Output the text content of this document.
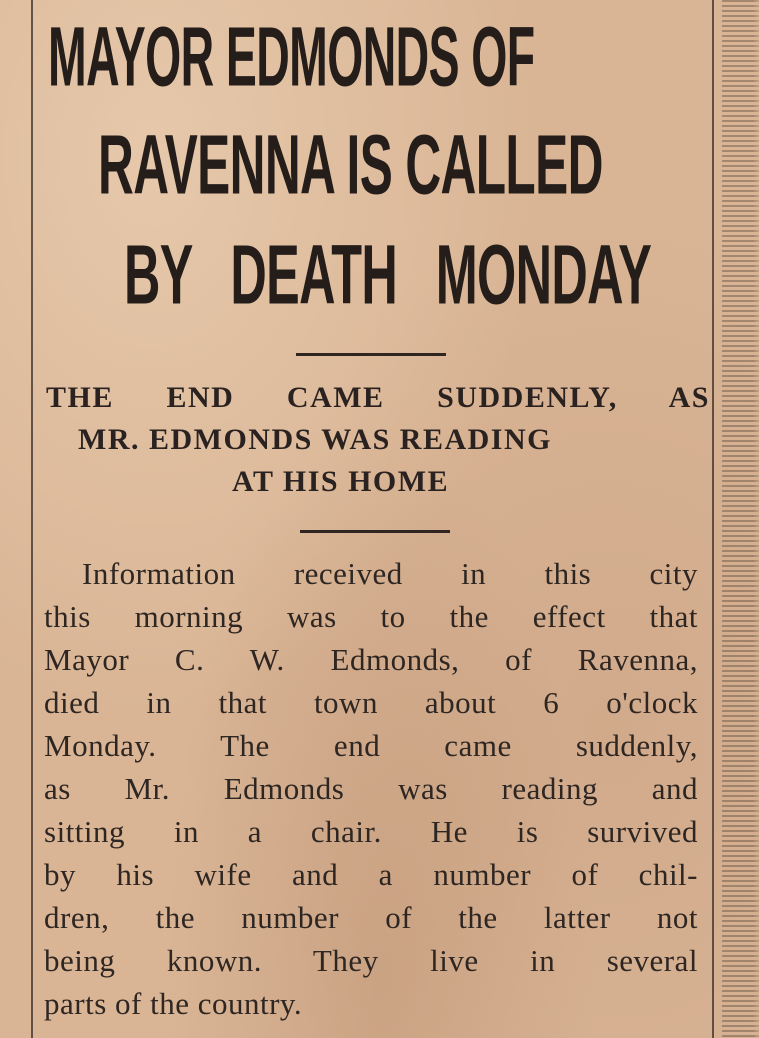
MAYOR EDMONDS OF
RAVENNA IS CALLED
BY DEATH MONDAY
THE END CAME SUDDENLY, AS
MR. EDMONDS WAS READING
AT HIS HOME
Information received in this city
this morning was to the effect that
Mayor C. W. Edmonds, of Ravenna,
died in that town about 6 o'clock
Monday. The end came suddenly,
as Mr. Edmonds was reading and
sitting in a chair. He is survived
by his wife and a number of chil-
dren, the number of the latter not
being known. They live in several
parts of the country.
